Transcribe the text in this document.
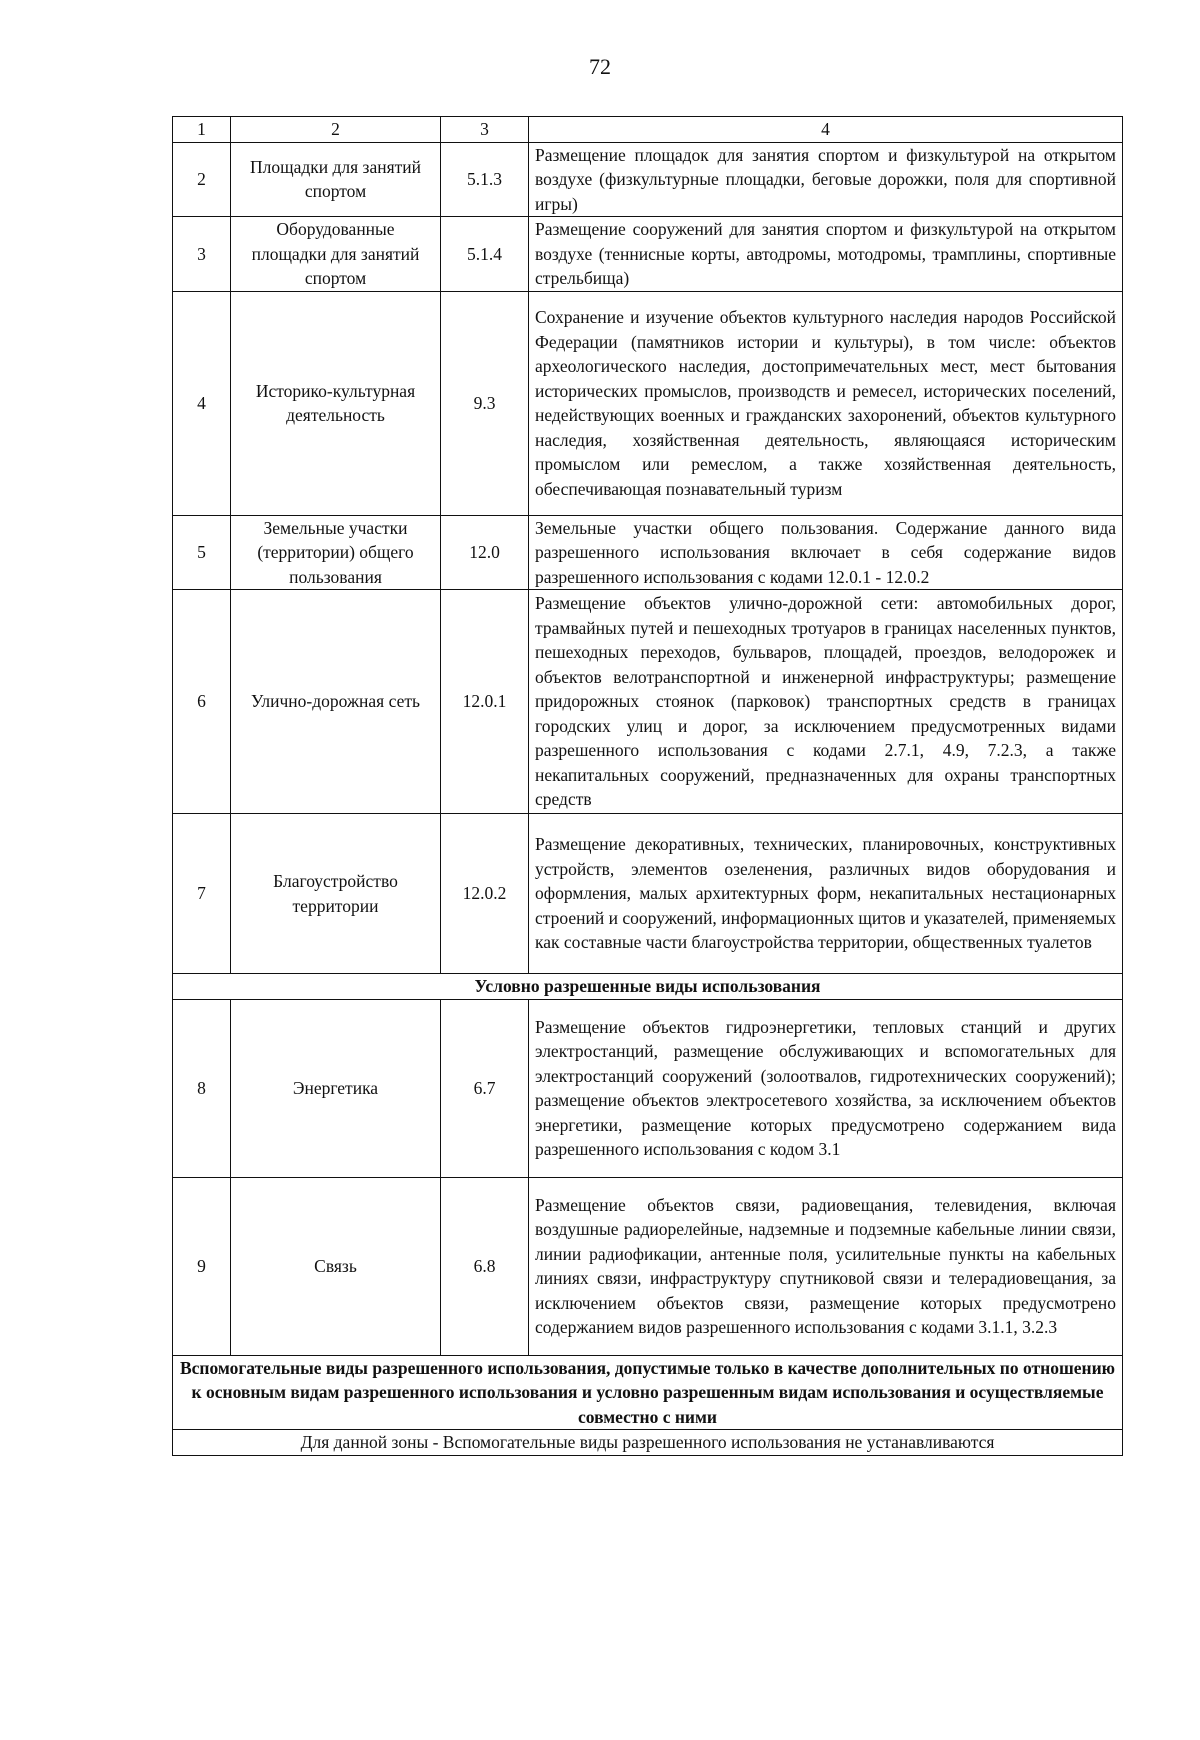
72
1	2	3	4
2	Площадки для занятий спортом	5.1.3	Размещение площадок для занятия спортом и физкультурой на открытом воздухе (физкультурные площадки, беговые дорожки, поля для спортивной игры)
3	Оборудованные площадки для занятий спортом	5.1.4	Размещение сооружений для занятия спортом и физкультурой на открытом воздухе (теннисные корты, автодромы, мотодромы, трамплины, спортивные стрельбища)
4	Историко-культурная деятельность	9.3	Сохранение и изучение объектов культурного наследия народов Российской Федерации (памятников истории и культуры), в том числе: объектов археологического наследия, достопримечательных мест, мест бытования исторических промыслов, производств и ремесел, исторических поселений, недействующих военных и гражданских захоронений, объектов культурного наследия, хозяйственная деятельность, являющаяся историческим промыслом или ремеслом, а также хозяйственная деятельность, обеспечивающая познавательный туризм
5	Земельные участки (территории) общего пользования	12.0	Земельные участки общего пользования. Содержание данного вида разрешенного использования включает в себя содержание видов разрешенного использования с кодами 12.0.1 - 12.0.2
6	Улично-дорожная сеть	12.0.1	Размещение объектов улично-дорожной сети: автомобильных дорог, трамвайных путей и пешеходных тротуаров в границах населенных пунктов, пешеходных переходов, бульваров, площадей, проездов, велодорожек и объектов велотранспортной и инженерной инфраструктуры; размещение придорожных стоянок (парковок) транспортных средств в границах городских улиц и дорог, за исключением предусмотренных видами разрешенного использования с кодами 2.7.1, 4.9, 7.2.3, а также некапитальных сооружений, предназначенных для охраны транспортных средств
7	Благоустройство территории	12.0.2	Размещение декоративных, технических, планировочных, конструктивных устройств, элементов озеленения, различных видов оборудования и оформления, малых архитектурных форм, некапитальных нестационарных строений и сооружений, информационных щитов и указателей, применяемых как составные части благоустройства территории, общественных туалетов
Условно разрешенные виды использования			
8	Энергетика	6.7	Размещение объектов гидроэнергетики, тепловых станций и других электростанций, размещение обслуживающих и вспомогательных для электростанций сооружений (золоотвалов, гидротехнических сооружений); размещение объектов электросетевого хозяйства, за исключением объектов энергетики, размещение которых предусмотрено содержанием вида разрешенного использования с кодом 3.1
9	Связь	6.8	Размещение объектов связи, радиовещания, телевидения, включая воздушные радиорелейные, надземные и подземные кабельные линии связи, линии радиофикации, антенные поля, усилительные пункты на кабельных линиях связи, инфраструктуру спутниковой связи и телерадиовещания, за исключением объектов связи, размещение которых предусмотрено содержанием видов разрешенного использования с кодами 3.1.1, 3.2.3
Вспомогательные виды разрешенного использования, допустимые только в качестве дополнительных по отношению к основным видам разрешенного использования и условно разрешенным видам использования и осуществляемые совместно с ними			
Для данной зоны - Вспомогательные виды разрешенного использования не устанавливаются			
